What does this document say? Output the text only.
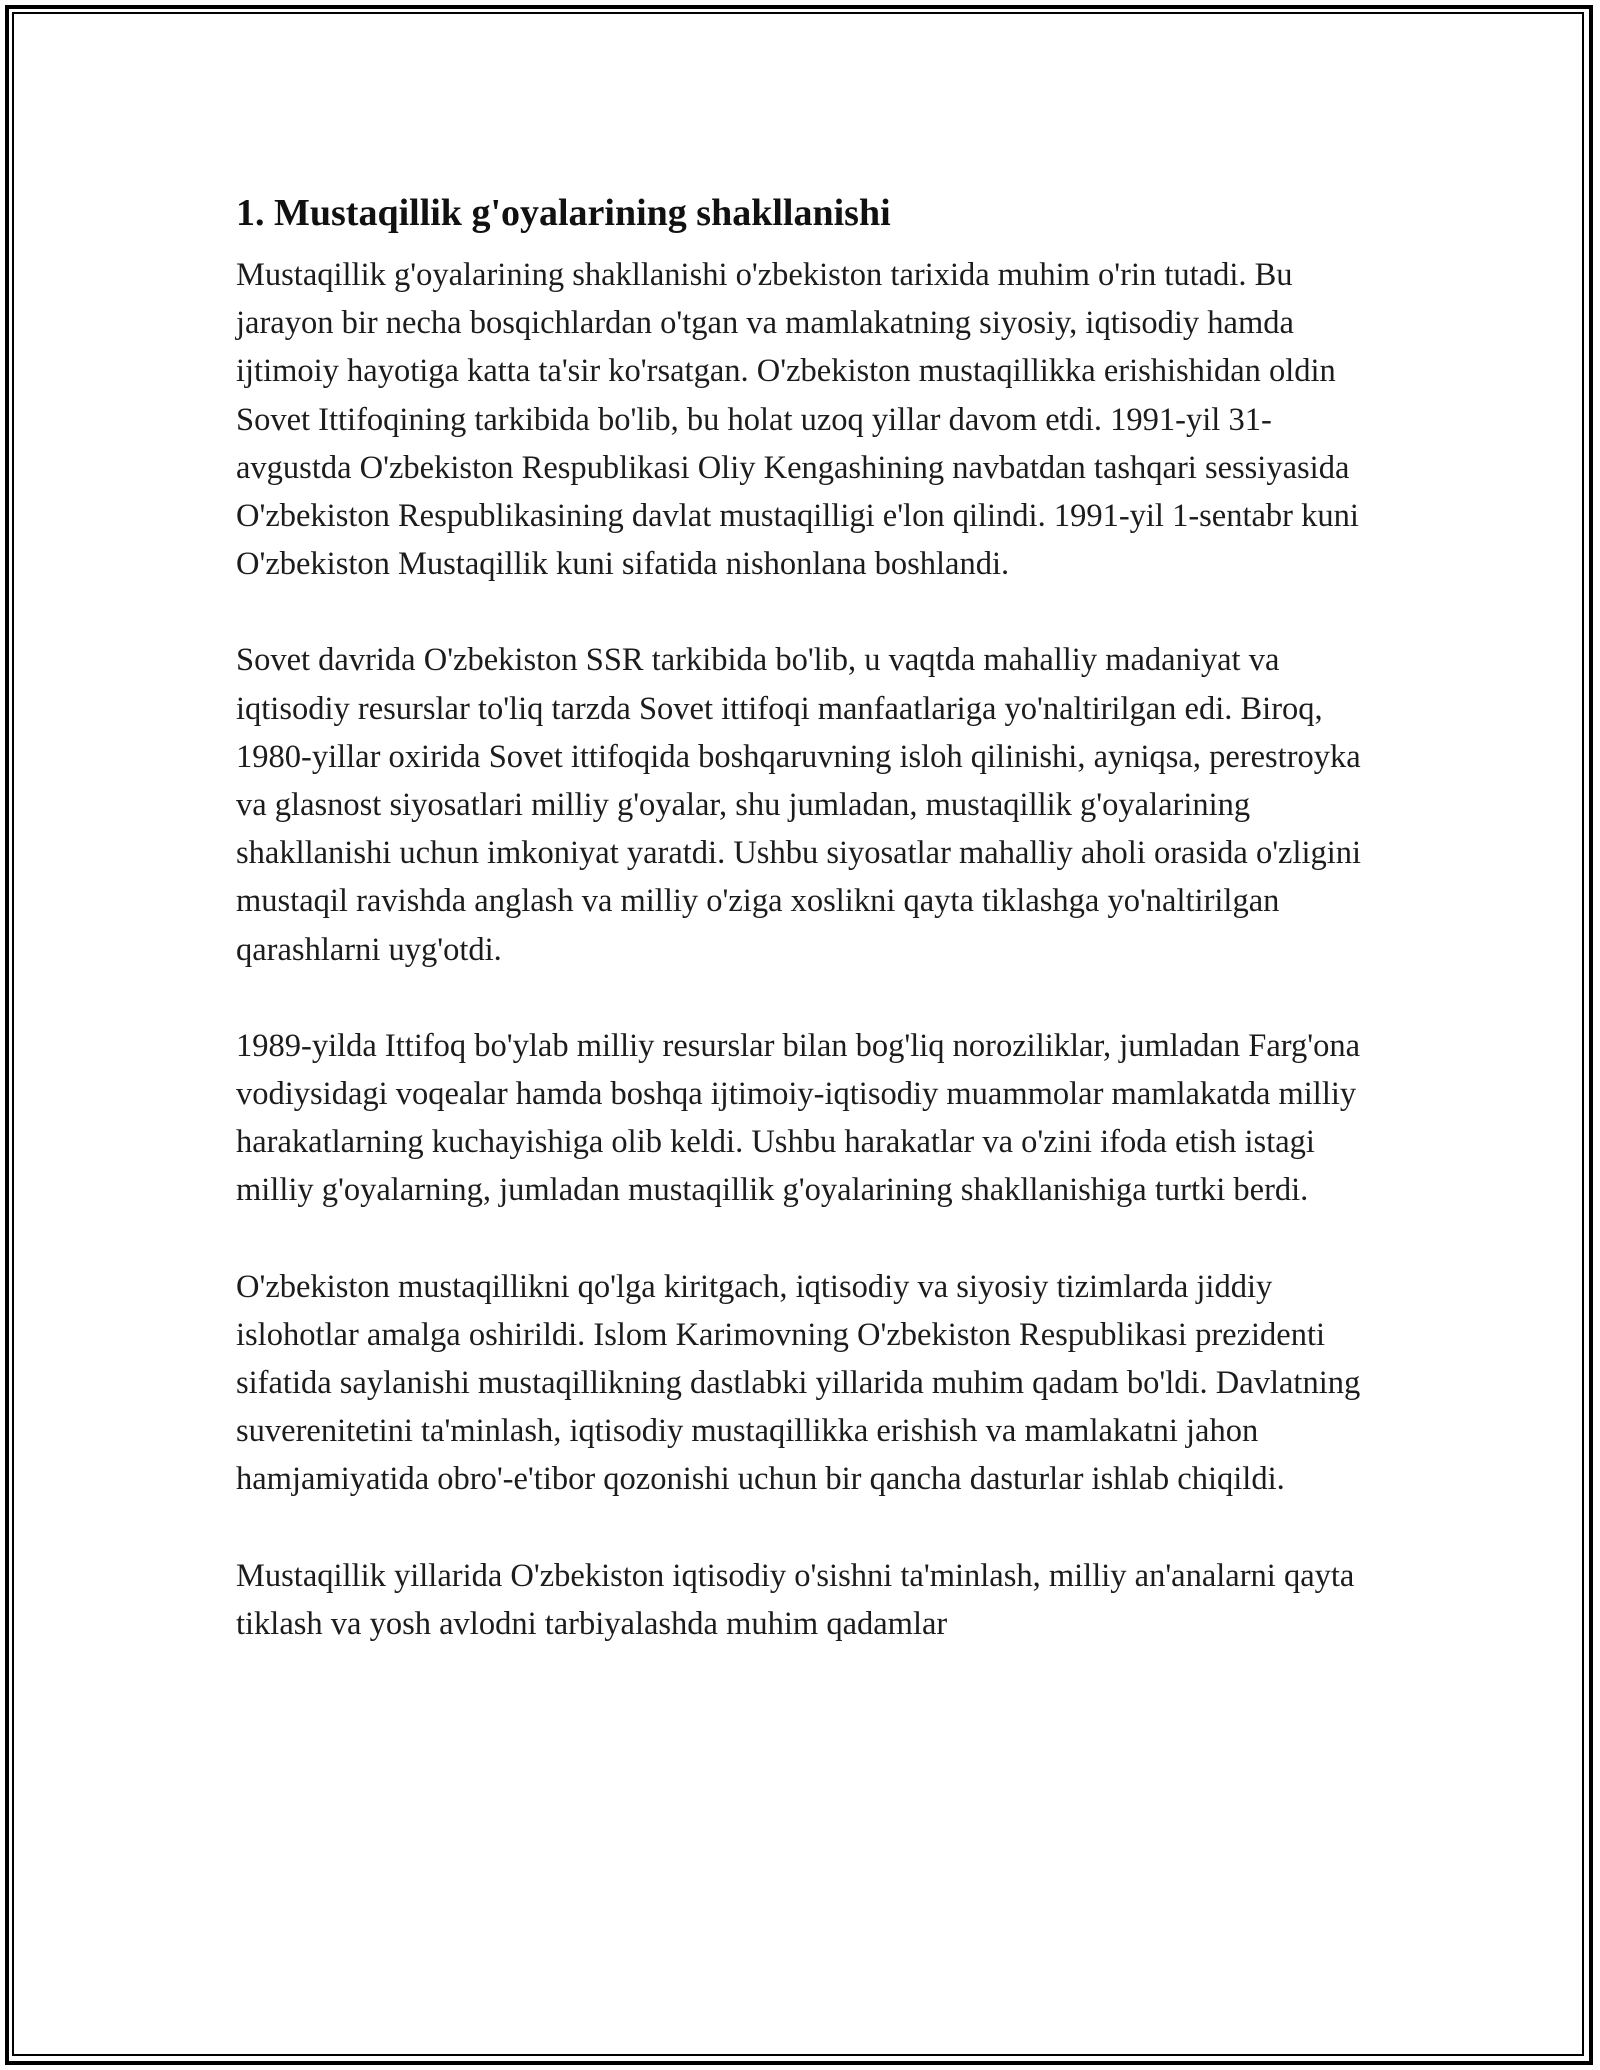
1. Mustaqillik g'oyalarining shakllanishi

Mustaqillik g'oyalarining shakllanishi o'zbekiston tarixida muhim o'rin tutadi. Bu jarayon bir necha bosqichlardan o'tgan va mamlakatning siyosiy, iqtisodiy hamda ijtimoiy hayotiga katta ta'sir ko'rsatgan. O'zbekiston mustaqillikka erishishidan oldin Sovet Ittifoqining tarkibida bo'lib, bu holat uzoq yillar davom etdi. 1991-yil 31-avgustda O'zbekiston Respublikasi Oliy Kengashining navbatdan tashqari sessiyasida O'zbekiston Respublikasining davlat mustaqilligi e'lon qilindi. 1991-yil 1-sentabr kuni O'zbekiston Mustaqillik kuni sifatida nishonlana boshlandi.

Sovet davrida O'zbekiston SSR tarkibida bo'lib, u vaqtda mahalliy madaniyat va iqtisodiy resurslar to'liq tarzda Sovet ittifoqi manfaatlariga yo'naltirilgan edi. Biroq, 1980-yillar oxirida Sovet ittifoqida boshqaruvning isloh qilinishi, ayniqsa, perestroyka va glasnost siyosatlari milliy g'oyalar, shu jumladan, mustaqillik g'oyalarining shakllanishi uchun imkoniyat yaratdi. Ushbu siyosatlar mahalliy aholi orasida o'zligini mustaqil ravishda anglash va milliy o'ziga xoslikni qayta tiklashga yo'naltirilgan qarashlarni uyg'otdi.

1989-yilda Ittifoq bo'ylab milliy resurslar bilan bog'liq noroziliklar, jumladan Farg'ona vodiysidagi voqealar hamda boshqa ijtimoiy-iqtisodiy muammolar mamlakatda milliy harakatlarning kuchayishiga olib keldi. Ushbu harakatlar va o'zini ifoda etish istagi milliy g'oyalarning, jumladan mustaqillik g'oyalarining shakllanishiga turtki berdi.

O'zbekiston mustaqillikni qo'lga kiritgach, iqtisodiy va siyosiy tizimlarda jiddiy islohotlar amalga oshirildi. Islom Karimovning O'zbekiston Respublikasi prezidenti sifatida saylanishi mustaqillikning dastlabki yillarida muhim qadam bo'ldi. Davlatning suverenitetini ta'minlash, iqtisodiy mustaqillikka erishish va mamlakatni jahon hamjamiyatida obro'-e'tibor qozonishi uchun bir qancha dasturlar ishlab chiqildi.

Mustaqillik yillarida O'zbekiston iqtisodiy o'sishni ta'minlash, milliy an'analarni qayta tiklash va yosh avlodni tarbiyalashda muhim qadamlar
